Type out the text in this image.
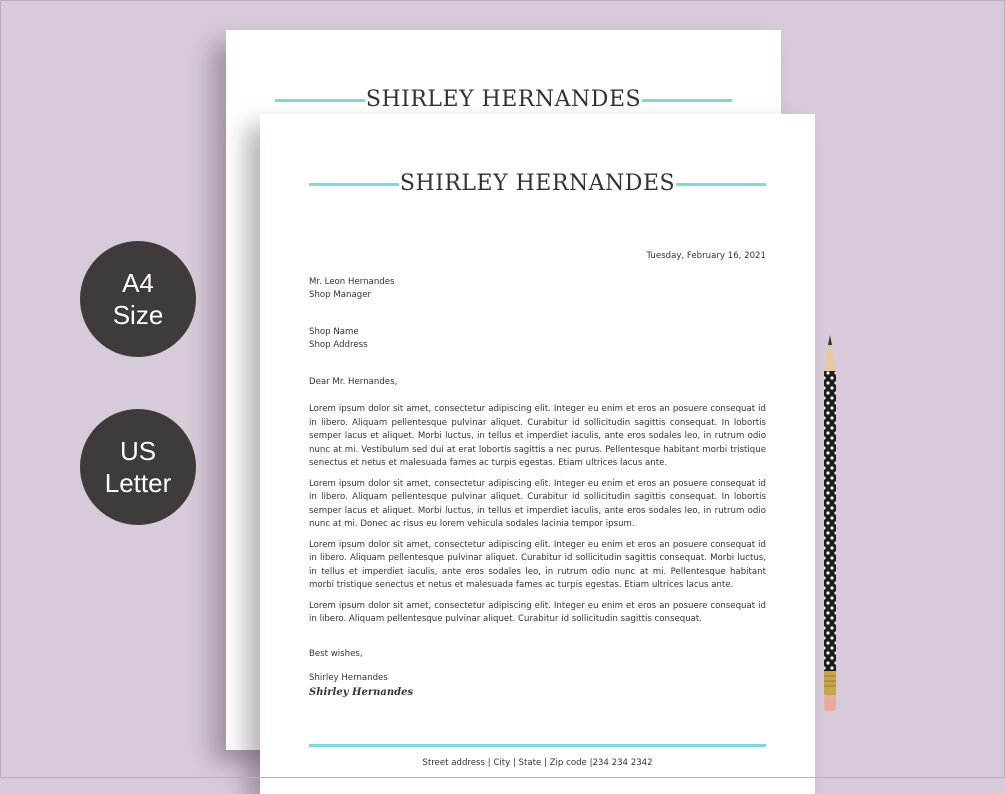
SHIRLEY HERNANDES
SHIRLEY HERNANDES
Tuesday, February 16, 2021
Mr. Leon Hernandes
Shop Manager
Shop Name
Shop Address
Dear Mr. Hernandes,
Lorem ipsum dolor sit amet, consectetur adipiscing elit. Integer eu enim et eros an posuere consequat id in libero. Aliquam pellentesque pulvinar aliquet. Curabitur id sollicitudin sagittis consequat. In lobortis semper lacus et aliquet. Morbi luctus, in tellus et imperdiet iaculis, ante eros sodales leo, in rutrum odio nunc at mi. Vestibulum sed dui at erat lobortis sagittis a nec purus. Pellentesque habitant morbi tristique senectus et netus et malesuada fames ac turpis egestas. Etiam ultrices lacus ante.
Lorem ipsum dolor sit amet, consectetur adipiscing elit. Integer eu enim et eros an posuere consequat id in libero. Aliquam pellentesque pulvinar aliquet. Curabitur id sollicitudin sagittis consequat. In lobortis semper lacus et aliquet. Morbi luctus, in tellus et imperdiet iaculis, ante eros sodales leo, in rutrum odio nunc at mi. Donec ac risus eu lorem vehicula sodales lacinia tempor ipsum.
Lorem ipsum dolor sit amet, consectetur adipiscing elit. Integer eu enim et eros an posuere consequat id in libero. Aliquam pellentesque pulvinar aliquet. Curabitur id sollicitudin sagittis consequat. Morbi luctus, in tellus et imperdiet iaculis, ante eros sodales leo, in rutrum odio nunc at mi. Pellentesque habitant morbi tristique senectus et netus et malesuada fames ac turpis egestas. Etiam ultrices lacus ante.
Lorem ipsum dolor sit amet, consectetur adipiscing elit. Integer eu enim et eros an posuere consequat id in libero. Aliquam pellentesque pulvinar aliquet. Curabitur id sollicitudin sagittis consequat.
Best wishes,
Shirley Hernandes
Shirley Hernandes
Street address | City | State | Zip code |234 234 2342
A4
Size
US
Letter
